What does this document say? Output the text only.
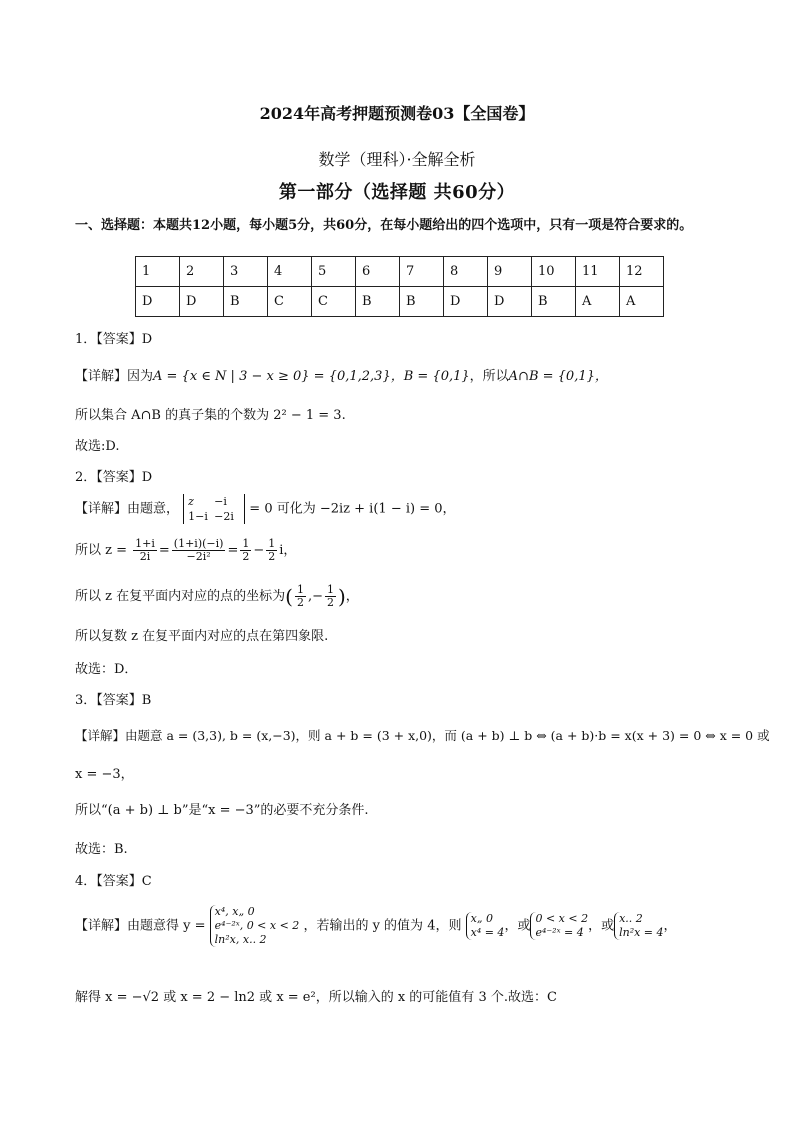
2024年高考押题预测卷03【全国卷】
数学（理科）·全解全析
第一部分（选择题 共60分）
一、选择题：本题共12小题，每小题5分，共60分，在每小题给出的四个选项中，只有一项是符合要求的。
1	2	3	4	5	6	7	8	9	10	11	12
D	D	B	C	C	B	B	D	D	B	A	A
1．【答案】D
【详解】因为A = {x ∈ N | 3 − x ≥ 0} = {0,1,2,3}，B = {0,1}，所以A∩B = {0,1}，
所以集合 A∩B 的真子集的个数为 2² − 1 = 3.
故选:D.
2．【答案】D
【详解】由题意， z −i
1−i −2i = 0 可化为 −2iz + i(1 − i) = 0，
所以 $z = \frac{1+i}{2i} = \frac{(1+i)(-i)}{\text{−2i²}} = \frac{1}{2} - \frac{1}{2}$ i，
所以 z 在复平面内对应的点的坐标为( $\frac{1}{2}$ ,− $\frac{1}{2}$ )，
所以复数 z 在复平面内对应的点在第四象限.
故选：D．
3．【答案】B
【详解】由题意 a = (3,3), b = (x,−3)，则 a + b = (3 + x,0)，而 (a + b) ⊥ b ⇔ (a + b)·b = x(x + 3) = 0 ⇔ x = 0 或
x = −3，
所以“(a + b) ⊥ b”是“x = −3”的必要不充分条件.
故选：B.
4．【答案】C
【详解】由题意得 y = x⁴, x„ 0
e⁴⁻²ˣ, 0 < x < 2
ln²x, x.. 2 ，若输出的 y 的值为 4，则 x„ 0
x⁴ = 4，或 0 < x < 2
e⁴⁻²ˣ = 4 ，或 x.. 2
ln²x = 4，
解得 x = −√2 或 x = 2 − ln2 或 x = e²，所以输入的 x 的可能值有 3 个.故选：C
